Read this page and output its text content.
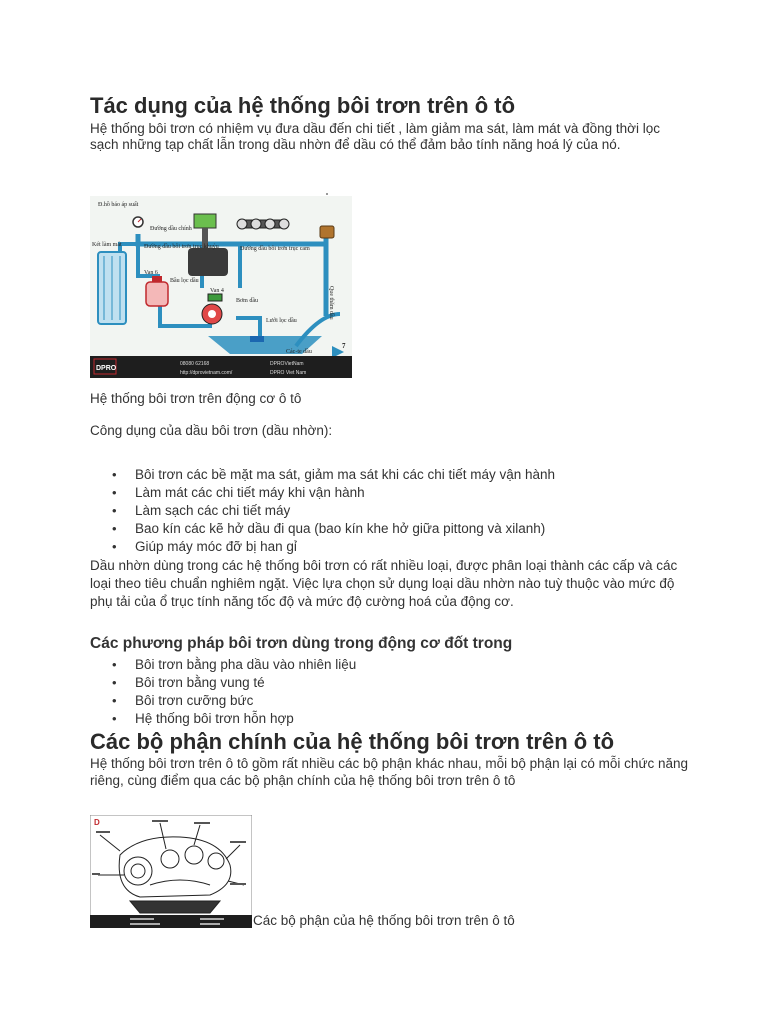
Tác dụng của hệ thống bôi trơn trên ô tô

Hệ thống bôi trơn có nhiệm vụ đưa dầu đến chi tiết , làm giảm ma sát, làm mát và đồng thời lọc sạch những tạp chất lẫn trong dầu nhờn để dầu có thể đảm bảo tính năng hoá lý của nó.

Đ.hồ báo áp suất
Đường dầu chính
Két làm mát	Đường dầu bôi trơn trục khuỷu	Đường dầu bôi trơn trục cam
Van 6
Bầu lọc dầu
Van 4
Bơm dầu
Lưới lọc dầu
Que thăm dầu
Các-te dầu
7
DPRO
08080 62168
http://dprovietnam.com/
DPROVietNam
DPRO Viet Nam

Hệ thống bôi trơn trên động cơ ô tô

Công dụng của dầu bôi trơn (dầu nhờn):

• Bôi trơn các bề mặt ma sát, giảm ma sát khi các chi tiết máy vận hành
• Làm mát các chi tiết máy khi vận hành
• Làm sạch các chi tiết máy
• Bao kín các kẽ hở dầu đi qua (bao kín khe hở giữa pittong và xilanh)
• Giúp máy móc đỡ bị han gỉ

Dầu nhờn dùng trong các hệ thống bôi trơn có rất nhiều loại, được phân loại thành các cấp và các loại theo tiêu chuẩn nghiêm ngặt. Việc lựa chọn sử dụng loại dầu nhờn nào tuỳ thuộc vào mức độ phụ tải của ổ trục tính năng tốc độ và mức độ cường hoá của động cơ.

Các phương pháp bôi trơn dùng trong động cơ đốt trong
• Bôi trơn bằng pha dầu vào nhiên liệu
• Bôi trơn bằng vung té
• Bôi trơn cưỡng bức
• Hệ thống bôi trơn hỗn hợp
Các bộ phận chính của hệ thống bôi trơn trên ô tô

Hệ thống bôi trơn trên ô tô gồm rất nhiều các bộ phận khác nhau, mỗi bộ phận lại có mỗi chức năng riêng, cùng điểm qua các bộ phận chính của hệ thống bôi trơn trên ô tô

D

Các bộ phận của hệ thống bôi trơn trên ô tô
